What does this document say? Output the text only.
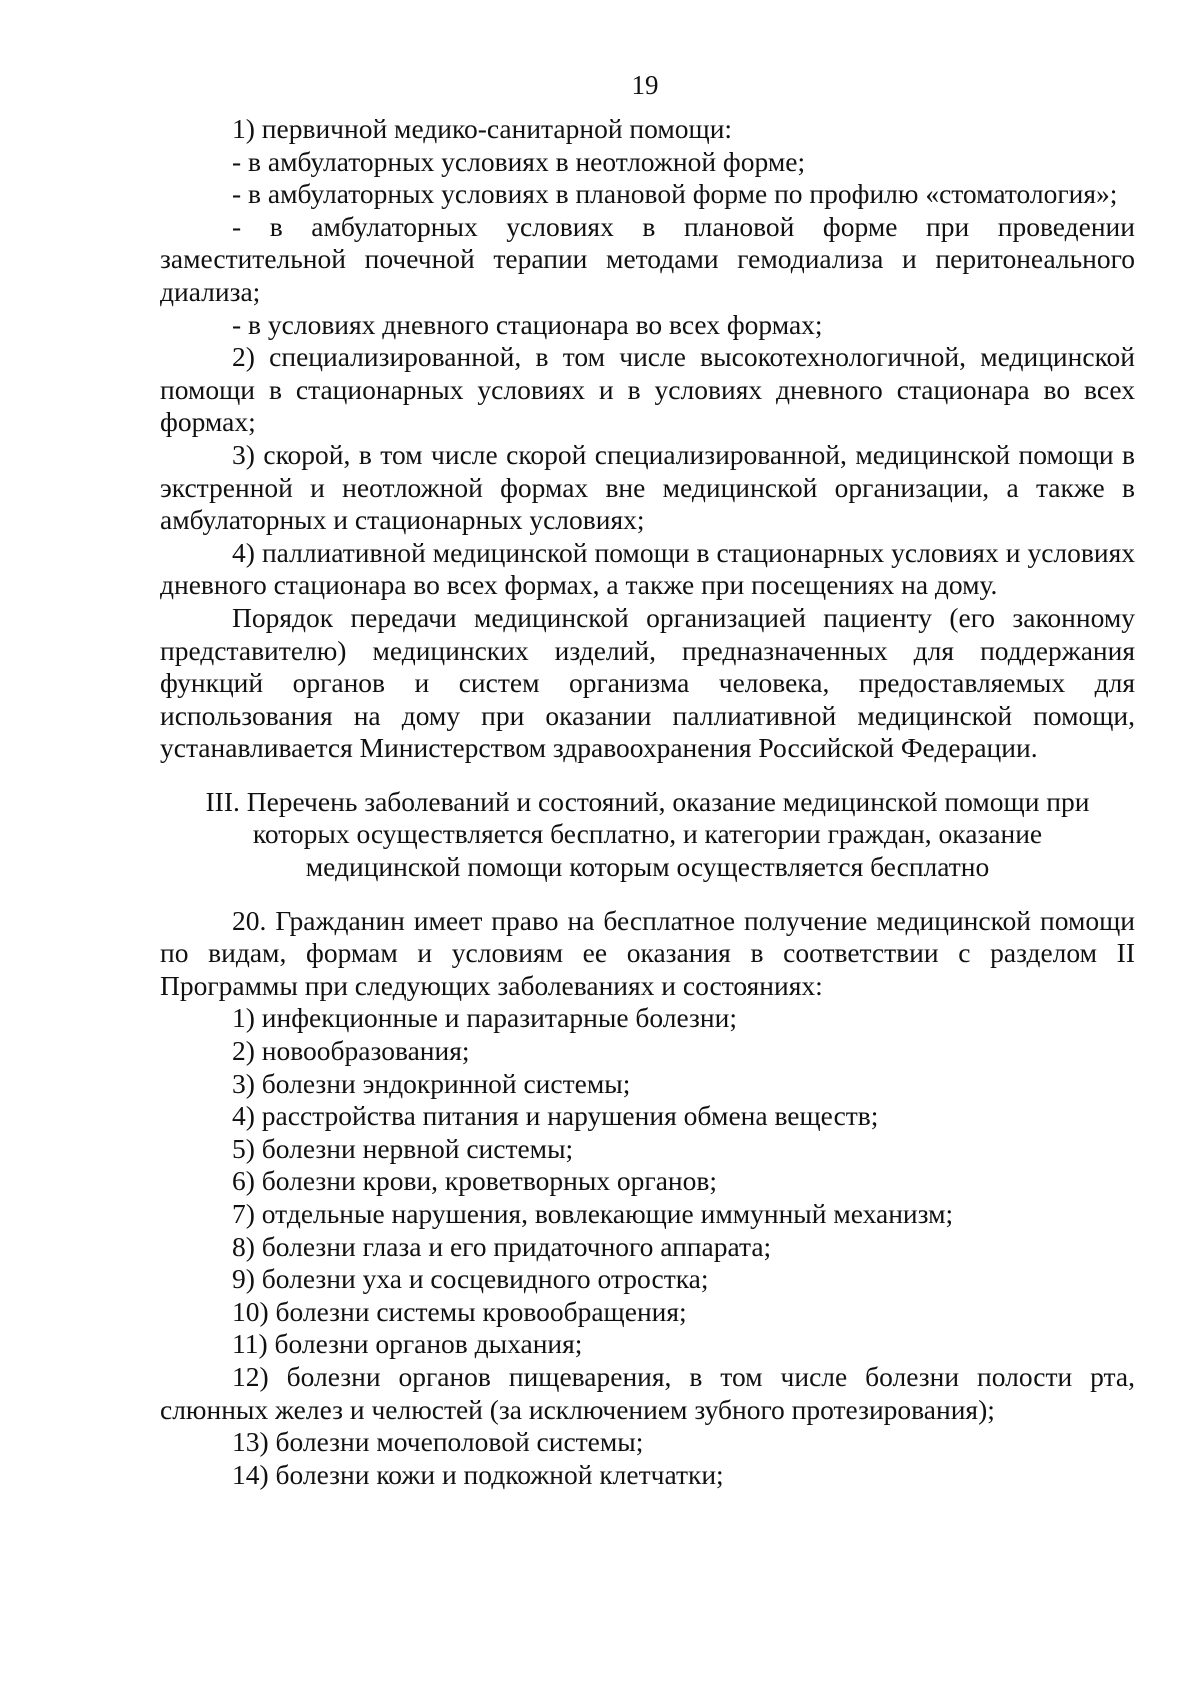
19

1) первичной медико-санитарной помощи:

- в амбулаторных условиях в неотложной форме;

- в амбулаторных условиях в плановой форме по профилю «стоматология»;

- в амбулаторных условиях в плановой форме при проведении заместительной почечной терапии методами гемодиализа и перитонеального диализа;

- в условиях дневного стационара во всех формах;

2) специализированной, в том числе высокотехнологичной, медицинской помощи в стационарных условиях и в условиях дневного стационара во всех формах;

3) скорой, в том числе скорой специализированной, медицинской помощи в экстренной и неотложной формах вне медицинской организации, а также в амбулаторных и стационарных условиях;

4) паллиативной медицинской помощи в стационарных условиях и условиях дневного стационара во всех формах, а также при посещениях на дому.

Порядок передачи медицинской организацией пациенту (его законному представителю) медицинских изделий, предназначенных для поддержания функций органов и систем организма человека, предоставляемых для использования на дому при оказании паллиативной медицинской помощи, устанавливается Министерством здравоохранения Российской Федерации.

III. Перечень заболеваний и состояний, оказание медицинской помощи при
которых осуществляется бесплатно, и категории граждан, оказание
медицинской помощи которым осуществляется бесплатно

20. Гражданин имеет право на бесплатное получение медицинской помощи по видам, формам и условиям ее оказания в соответствии с разделом II Программы при следующих заболеваниях и состояниях:

1) инфекционные и паразитарные болезни;
2) новообразования;
3) болезни эндокринной системы;
4) расстройства питания и нарушения обмена веществ;
5) болезни нервной системы;
6) болезни крови, кроветворных органов;
7) отдельные нарушения, вовлекающие иммунный механизм;
8) болезни глаза и его придаточного аппарата;
9) болезни уха и сосцевидного отростка;
10) болезни системы кровообращения;
11) болезни органов дыхания;
12) болезни органов пищеварения, в том числе болезни полости рта, слюнных желез и челюстей (за исключением зубного протезирования);
13) болезни мочеполовой системы;
14) болезни кожи и подкожной клетчатки;
